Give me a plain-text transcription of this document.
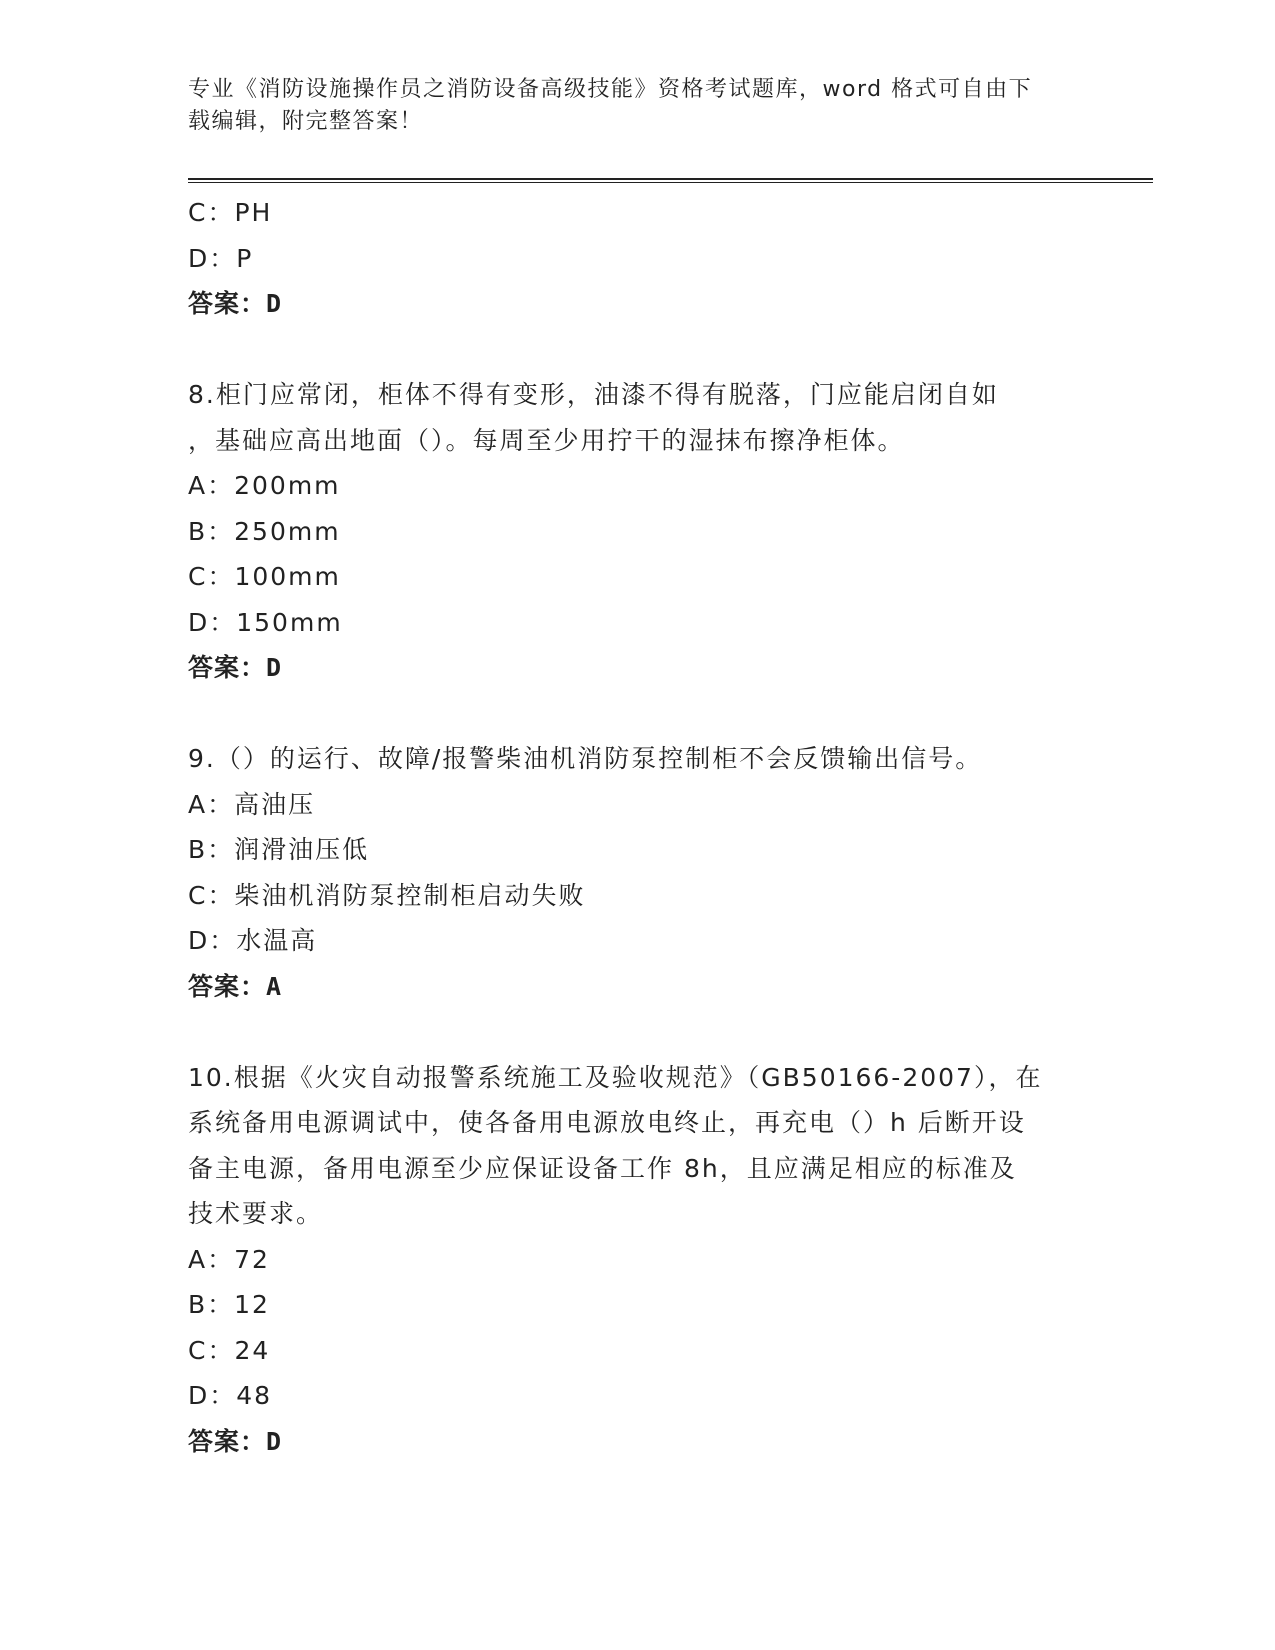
专业《消防设施操作员之消防设备高级技能》资格考试题库，word 格式可自由下
载编辑，附完整答案！
C：PH
D：P
答案：D
8.柜门应常闭，柜体不得有变形，油漆不得有脱落，门应能启闭自如
，基础应高出地面（）。每周至少用拧干的湿抹布擦净柜体。
A：200mm
B：250mm
C：100mm
D：150mm
答案：D
9.（）的运行、故障/报警柴油机消防泵控制柜不会反馈输出信号。
A：高油压
B：润滑油压低
C：柴油机消防泵控制柜启动失败
D：水温高
答案：A
10.根据《火灾自动报警系统施工及验收规范》（GB50166-2007），在
系统备用电源调试中，使各备用电源放电终止，再充电（）h 后断开设
备主电源，备用电源至少应保证设备工作 8h，且应满足相应的标准及
技术要求。
A：72
B：12
C：24
D：48
答案：D
